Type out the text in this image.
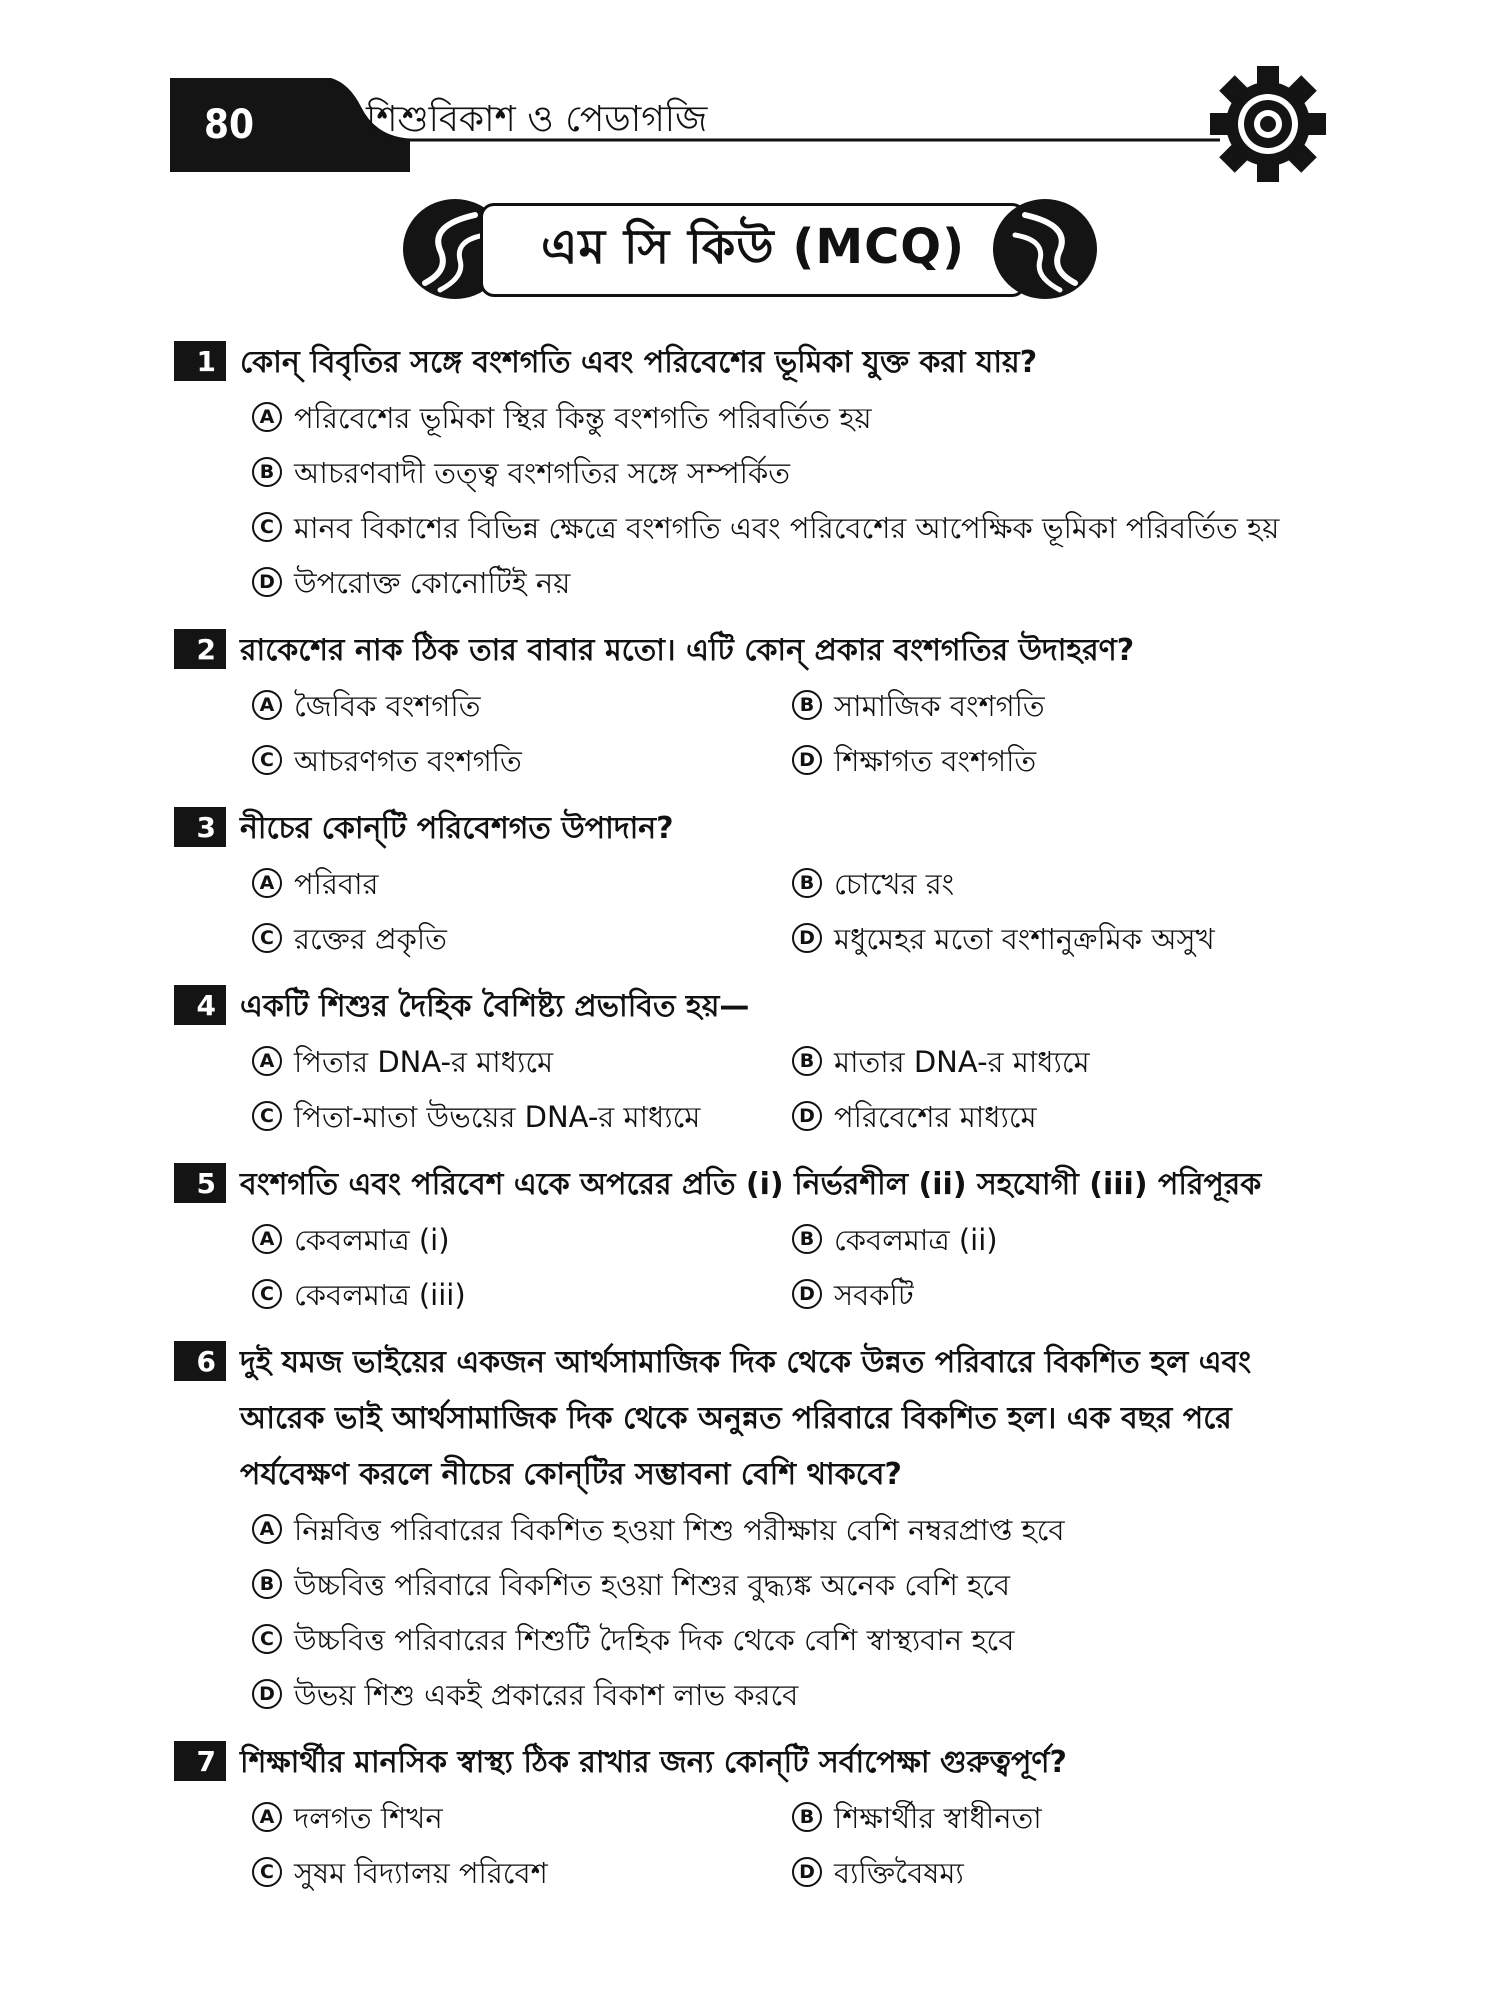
80	শিশুবিকাশ ও পেডাগজি
এম সি কিউ (MCQ)
1 কোন্ বিবৃতির সঙ্গে বংশগতি এবং পরিবেশের ভূমিকা যুক্ত করা যায়?
A পরিবেশের ভূমিকা স্থির কিন্তু বংশগতি পরিবর্তিত হয়
B আচরণবাদী তত্ত্ব বংশগতির সঙ্গে সম্পর্কিত
C মানব বিকাশের বিভিন্ন ক্ষেত্রে বংশগতি এবং পরিবেশের আপেক্ষিক ভূমিকা পরিবর্তিত হয়
D উপরোক্ত কোনোটিই নয়
2 রাকেশের নাক ঠিক তার বাবার মতো। এটি কোন্ প্রকার বংশগতির উদাহরণ?
A জৈবিক বংশগতি	B সামাজিক বংশগতি
C আচরণগত বংশগতি	D শিক্ষাগত বংশগতি
3 নীচের কোন্‌টি পরিবেশগত উপাদান?
A পরিবার	B চোখের রং
C রক্তের প্রকৃতি	D মধুমেহর মতো বংশানুক্রমিক অসুখ
4 একটি শিশুর দৈহিক বৈশিষ্ট্য প্রভাবিত হয়—
A পিতার DNA-র মাধ্যমে	B মাতার DNA-র মাধ্যমে
C পিতা-মাতা উভয়ের DNA-র মাধ্যমে	D পরিবেশের মাধ্যমে
5 বংশগতি এবং পরিবেশ একে অপরের প্রতি (i) নির্ভরশীল (ii) সহযোগী (iii) পরিপূরক
A কেবলমাত্র (i)	B কেবলমাত্র (ii)
C কেবলমাত্র (iii)	D সবকটি
6 দুই যমজ ভাইয়ের একজন আর্থসামাজিক দিক থেকে উন্নত পরিবারে বিকশিত হল এবং আরেক ভাই আর্থসামাজিক দিক থেকে অনুন্নত পরিবারে বিকশিত হল। এক বছর পরে পর্যবেক্ষণ করলে নীচের কোন্‌টির সম্ভাবনা বেশি থাকবে?
A নিম্নবিত্ত পরিবারের বিকশিত হওয়া শিশু পরীক্ষায় বেশি নম্বরপ্রাপ্ত হবে
B উচ্চবিত্ত পরিবারে বিকশিত হওয়া শিশুর বুদ্ধ্যঙ্ক অনেক বেশি হবে
C উচ্চবিত্ত পরিবারের শিশুটি দৈহিক দিক থেকে বেশি স্বাস্থ্যবান হবে
D উভয় শিশু একই প্রকারের বিকাশ লাভ করবে
7 শিক্ষার্থীর মানসিক স্বাস্থ্য ঠিক রাখার জন্য কোন্‌টি সর্বাপেক্ষা গুরুত্বপূর্ণ?
A দলগত শিখন	B শিক্ষার্থীর স্বাধীনতা
C সুষম বিদ্যালয় পরিবেশ	D ব্যক্তিবৈষম্য
